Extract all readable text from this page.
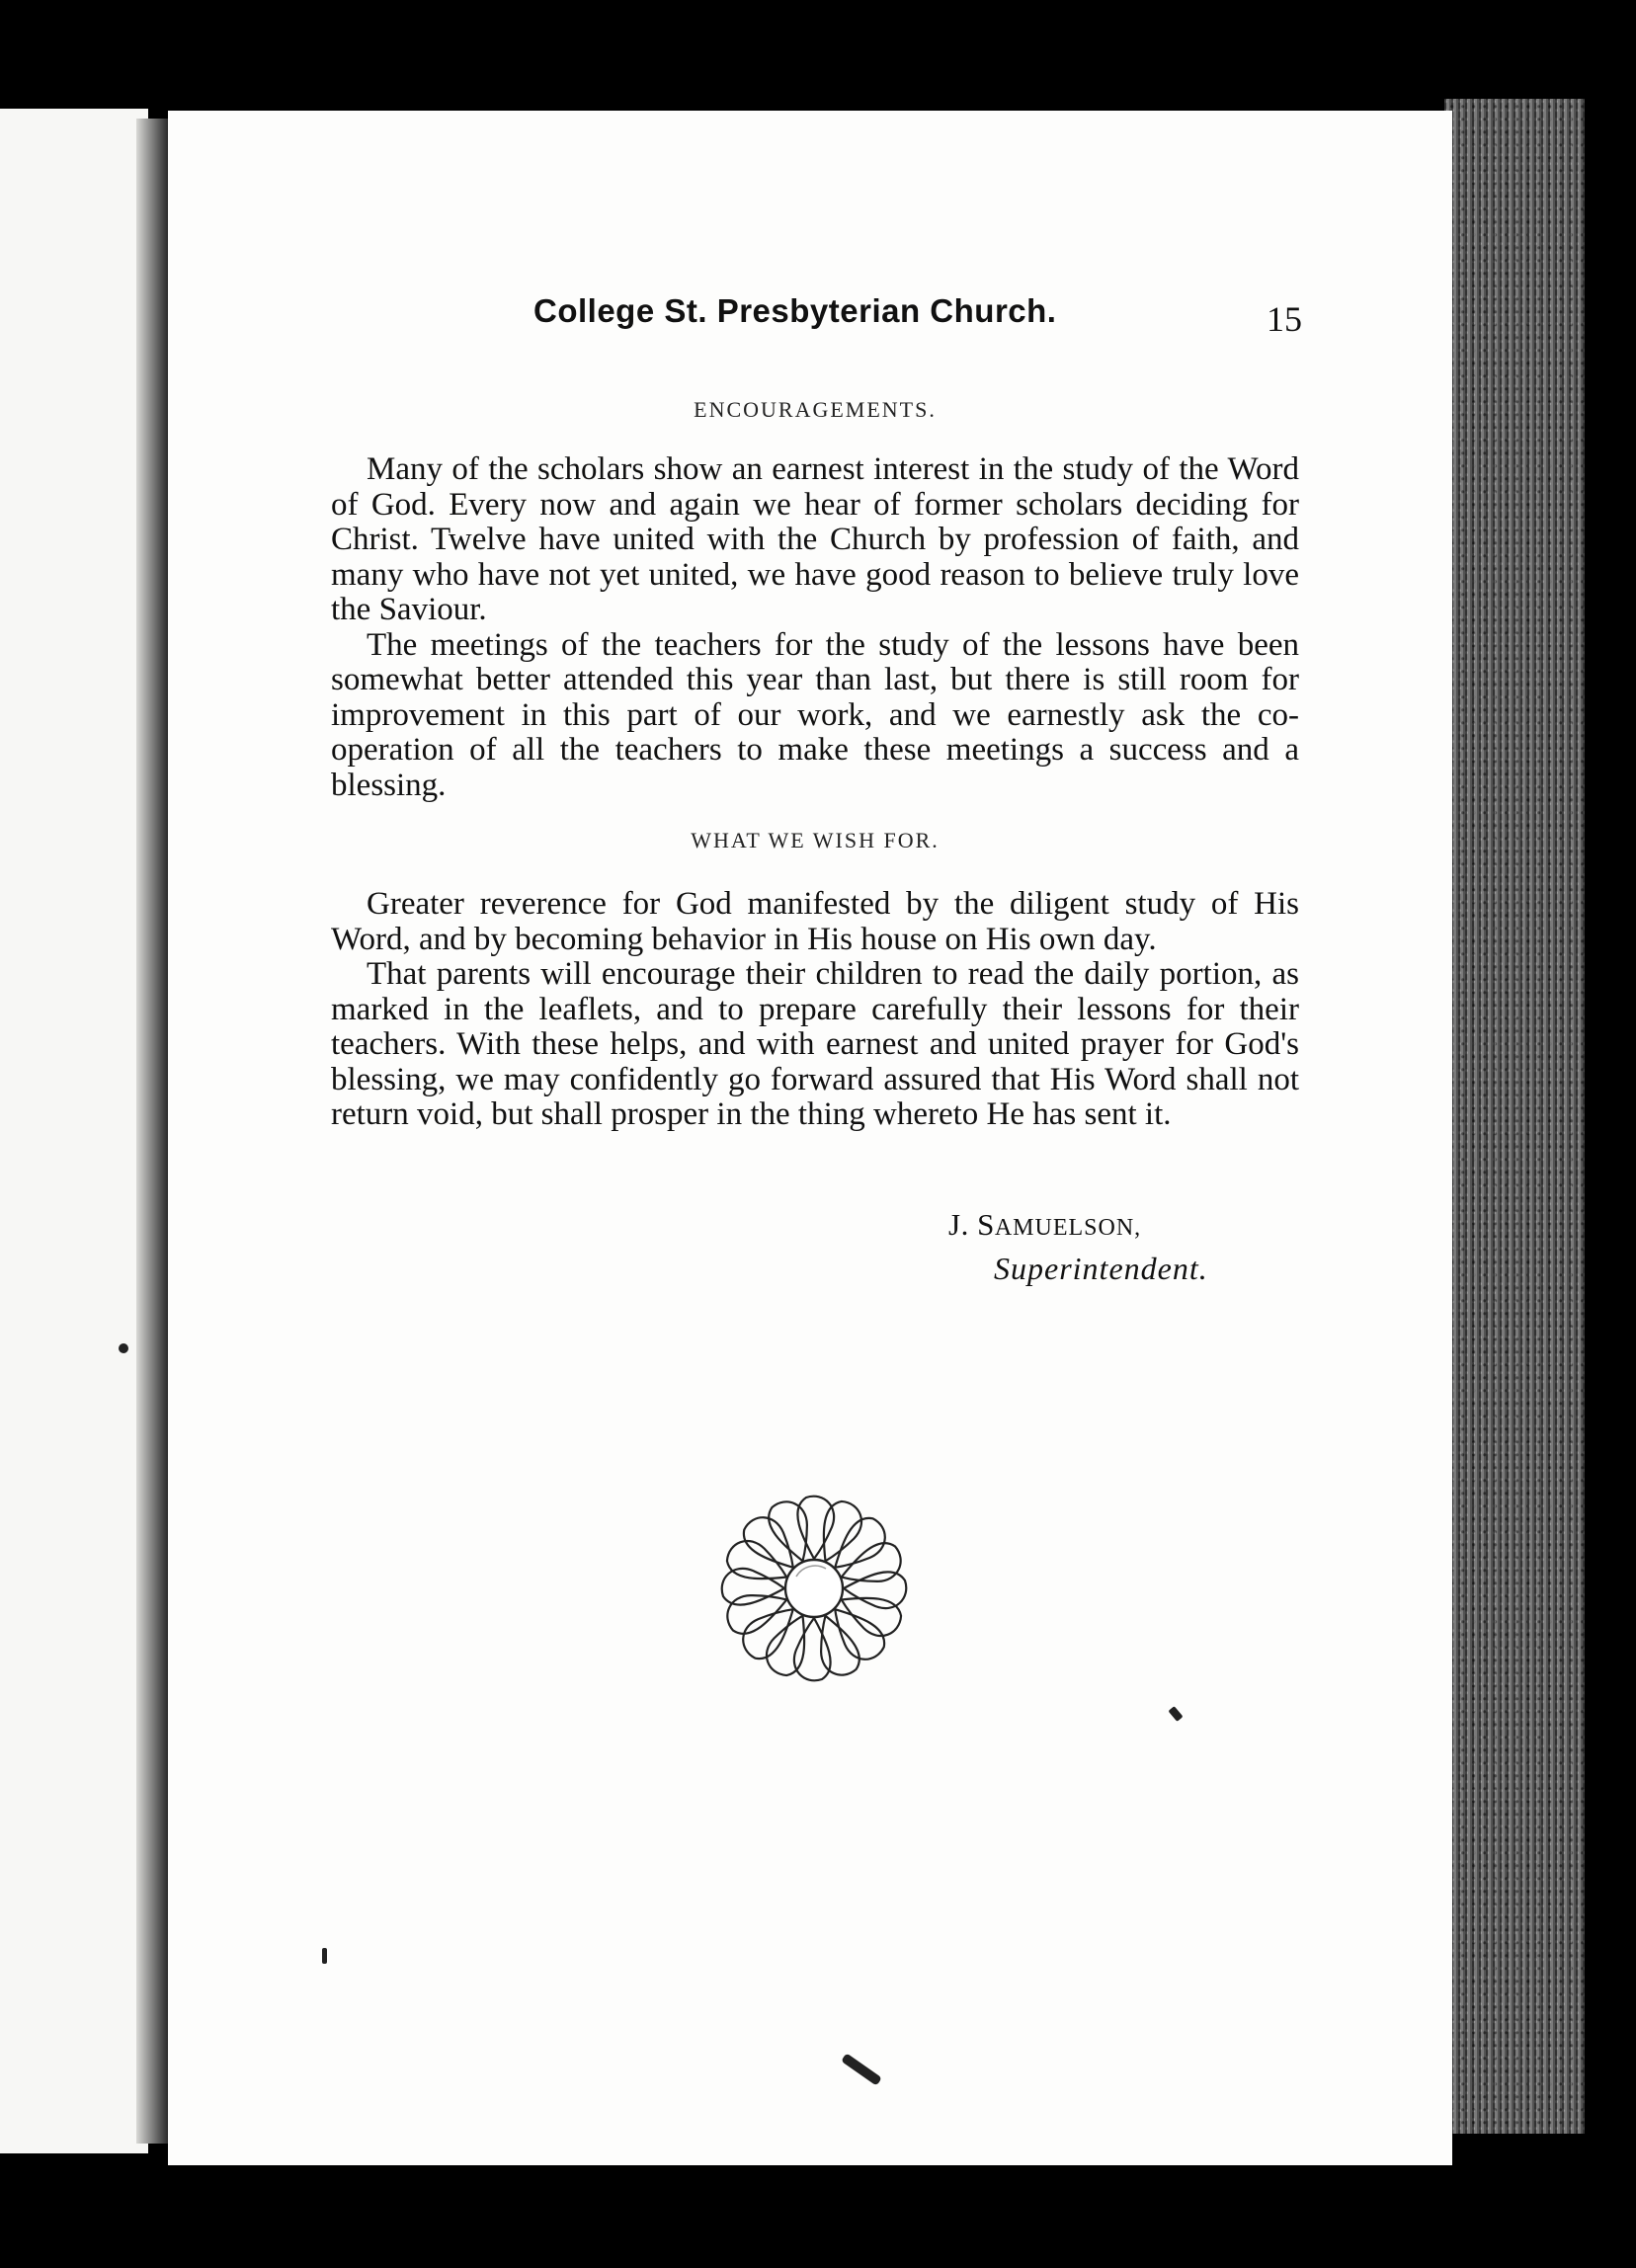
College St. Presbyterian Church.	15
ENCOURAGEMENTS.

Many of the scholars show an earnest interest in the study of the Word of God. Every now and again we hear of former scholars deciding for Christ. Twelve have united with the Church by profession of faith, and many who have not yet united, we have good reason to believe truly love the Saviour.

The meetings of the teachers for the study of the lessons have been somewhat better attended this year than last, but there is still room for improvement in this part of our work, and we earnestly ask the co-operation of all the teachers to make these meetings a success and a blessing.

WHAT WE WISH FOR.

Greater reverence for God manifested by the diligent study of His Word, and by becoming behavior in His house on His own day.

That parents will encourage their children to read the daily portion, as marked in the leaflets, and to prepare carefully their lessons for their teachers. With these helps, and with earnest and united prayer for God's blessing, we may confidently go forward assured that His Word shall not return void, but shall prosper in the thing whereto He has sent it.

J. SAMUELSON,
Superintendent.
